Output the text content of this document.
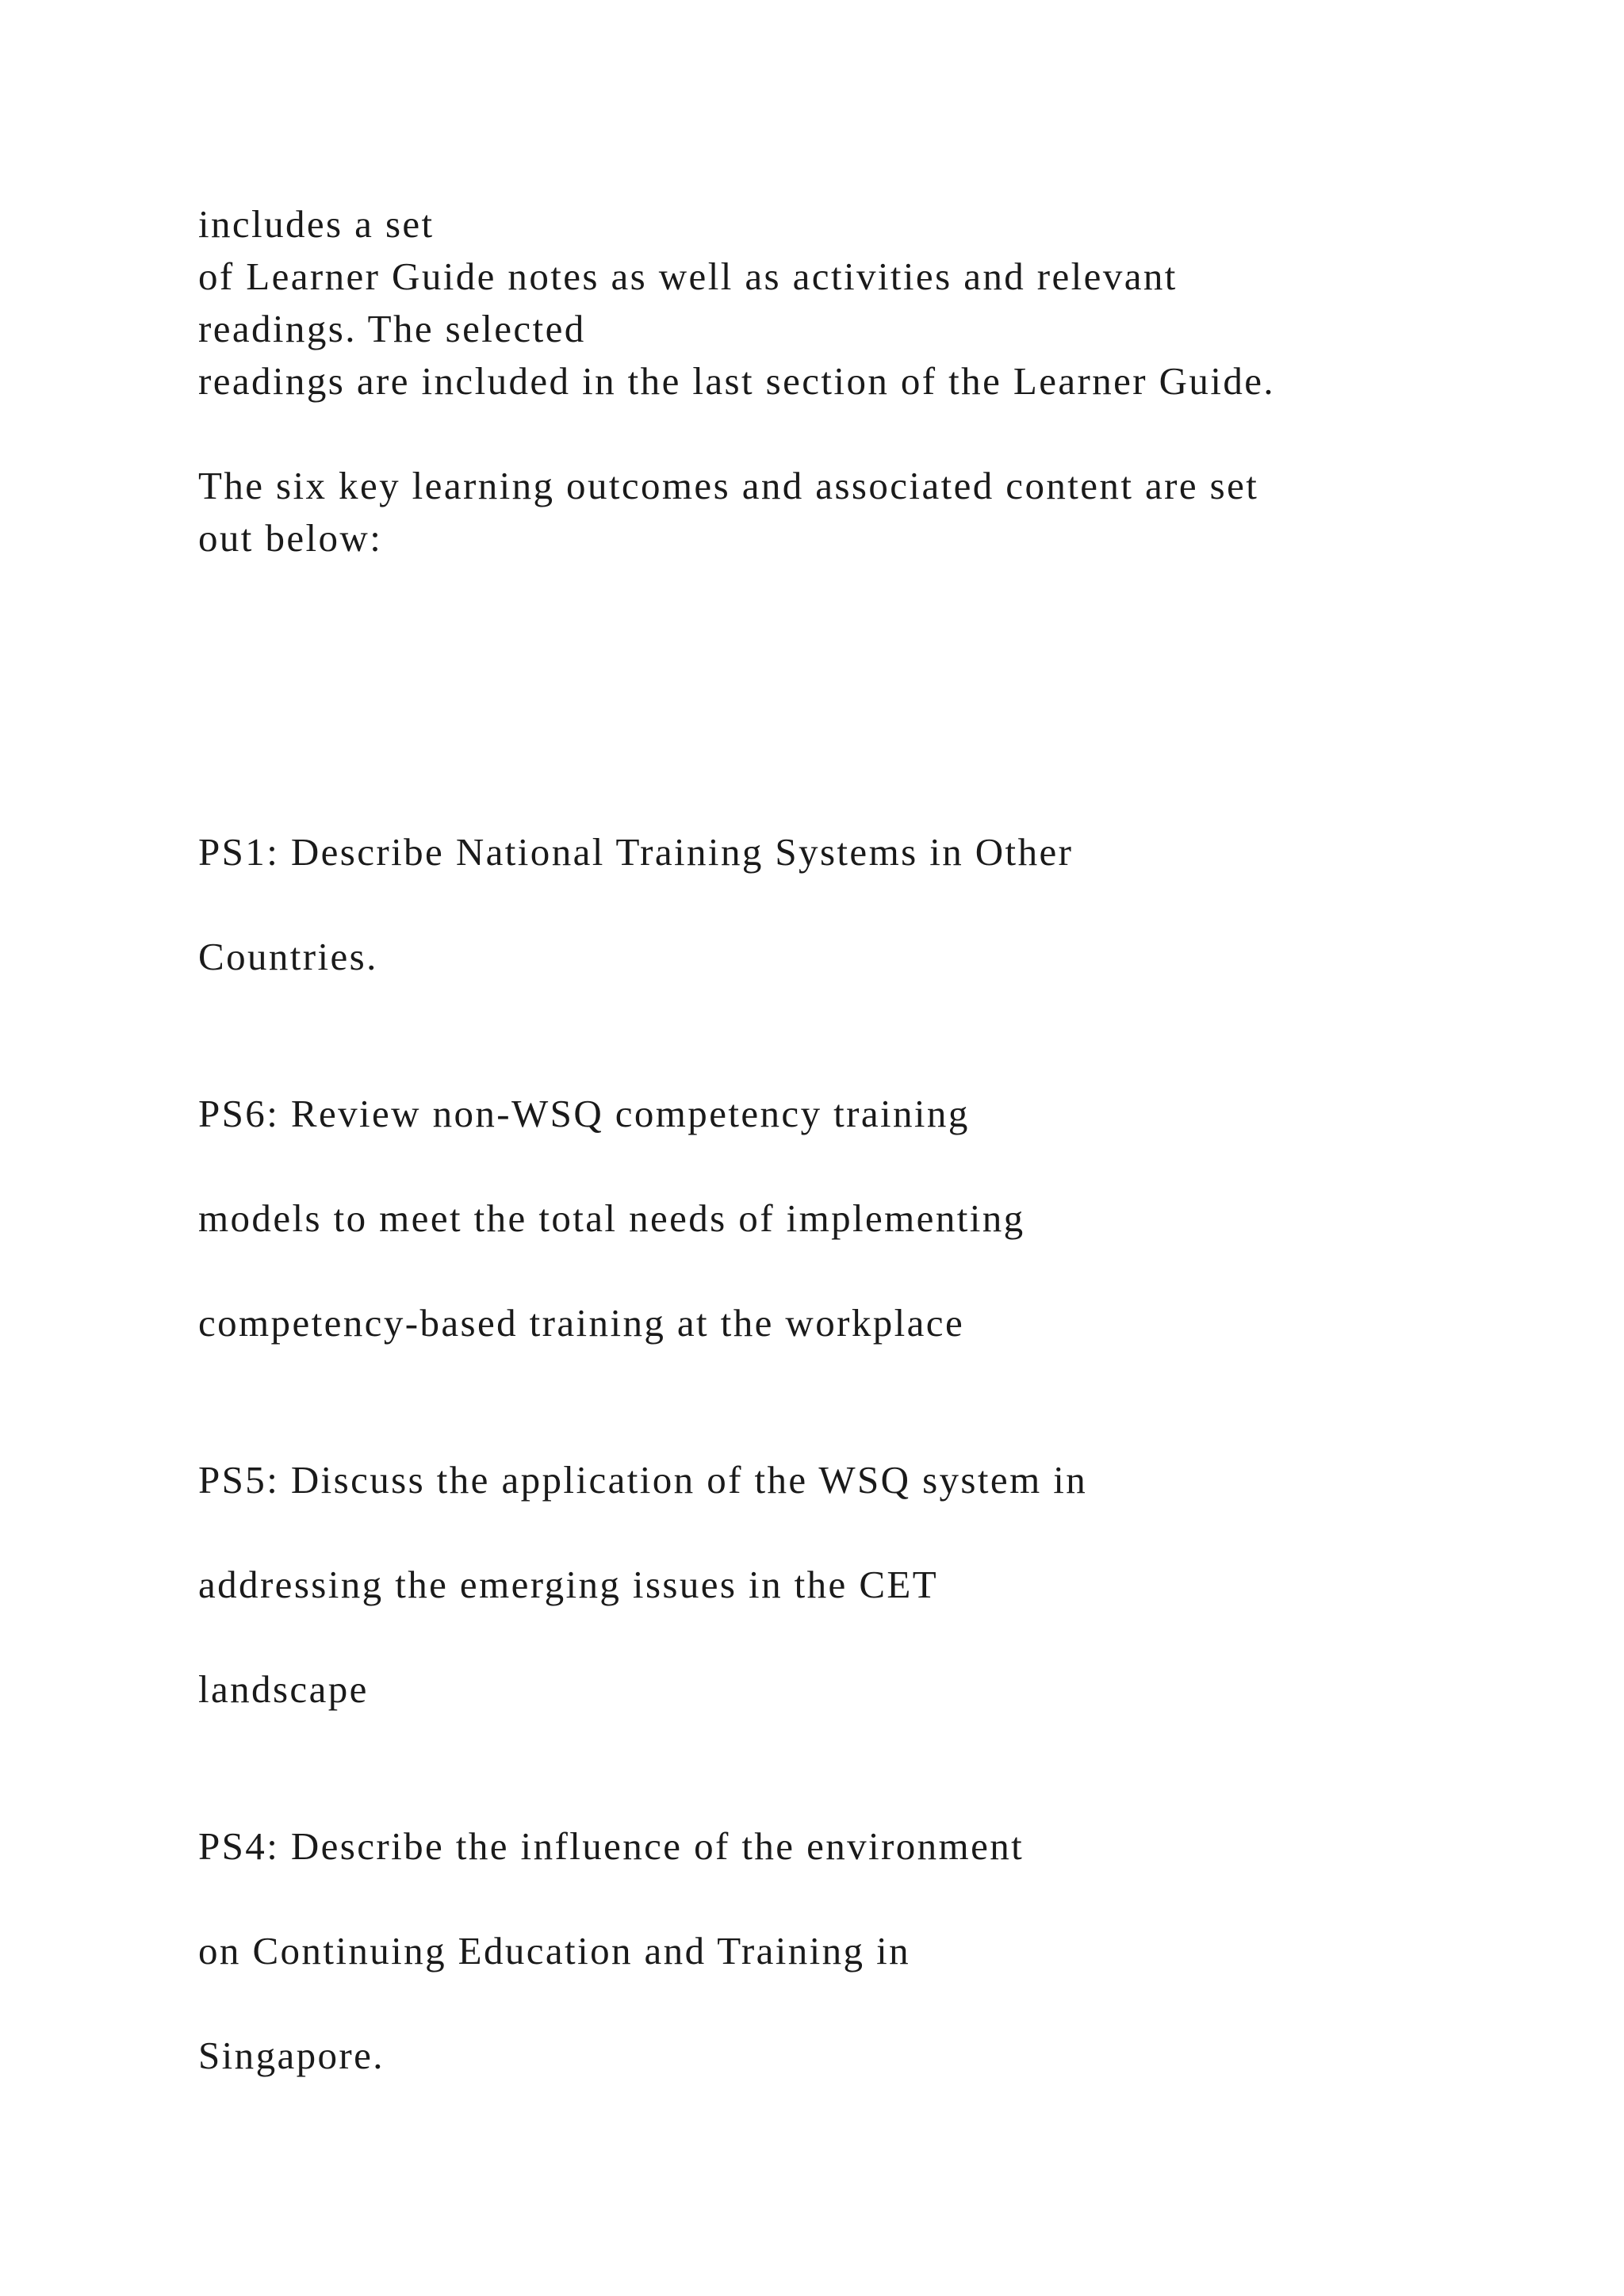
includes a set
of Learner Guide notes as well as activities and relevant
readings. The selected
readings are included in the last section of the Learner Guide.
The six key learning outcomes and associated content are set
out below:
PS1: Describe National Training Systems in Other
Countries.
PS6: Review non-WSQ competency training
models to meet the total needs of implementing
competency-based training at the workplace
PS5: Discuss the application of the WSQ system in
addressing the emerging issues in the CET
landscape
PS4: Describe the influence of the environment
on Continuing Education and Training in
Singapore.
